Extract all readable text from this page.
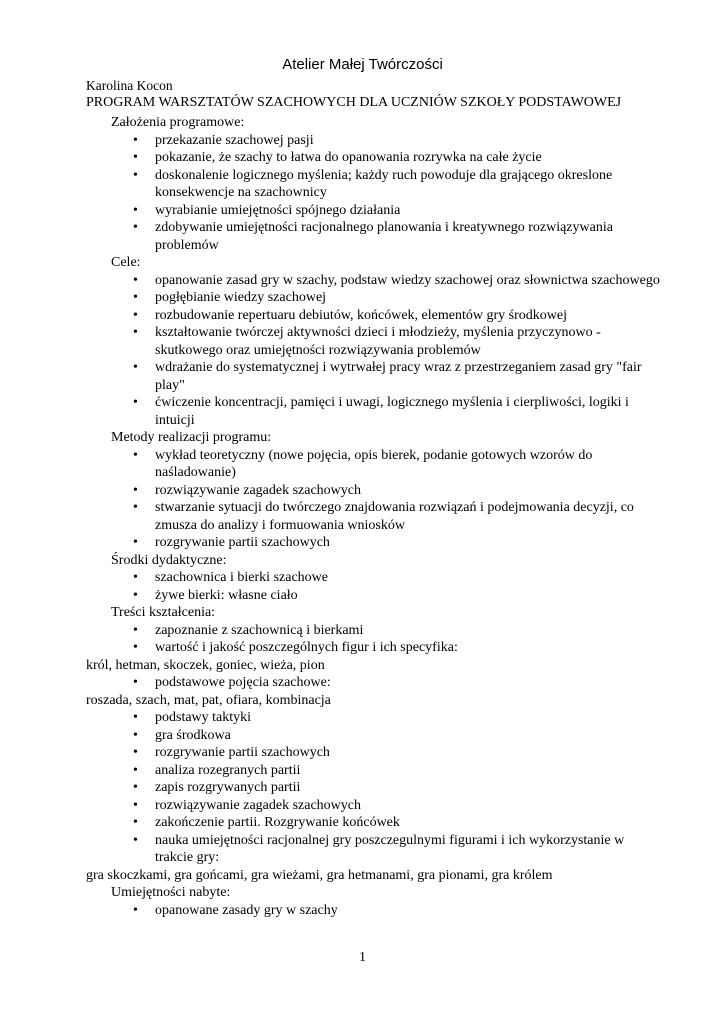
Atelier Małej Twórczości
Karolina Kocon
PROGRAM WARSZTATÓW SZACHOWYCH DLA UCZNIÓW SZKOŁY PODSTAWOWEJ
Założenia programowe:
• przekazanie szachowej pasji
• pokazanie, że szachy to łatwa do opanowania rozrywka na całe życie
• doskonalenie logicznego myślenia; każdy ruch powoduje dla grającego okreslone konsekwencje na szachownicy
• wyrabianie umiejętności spójnego działania
• zdobywanie umiejętności racjonalnego planowania i kreatywnego rozwiązywania problemów
Cele:
• opanowanie zasad gry w szachy, podstaw wiedzy szachowej oraz słownictwa szachowego
• pogłębianie wiedzy szachowej
• rozbudowanie repertuaru debiutów, końcówek, elementów gry środkowej
• kształtowanie twórczej aktywności dzieci i młodzieży, myślenia przyczynowo - skutkowego oraz umiejętności rozwiązywania problemów
• wdrażanie do systematycznej i wytrwałej pracy wraz z przestrzeganiem zasad gry "fair play"
• ćwiczenie koncentracji, pamięci i uwagi, logicznego myślenia i cierpliwości, logiki i intuicji
Metody realizacji programu:
• wykład teoretyczny (nowe pojęcia, opis bierek, podanie gotowych wzorów do naśladowanie)
• rozwiązywanie zagadek szachowych
• stwarzanie sytuacji do twórczego znajdowania rozwiązań i podejmowania decyzji, co zmusza do analizy i formuowania wniosków
• rozgrywanie partii szachowych
Środki dydaktyczne:
• szachownica i bierki szachowe
• żywe bierki: własne ciało
Treści kształcenia:
• zapoznanie z szachownicą i bierkami
• wartość i jakość poszczególnych figur i ich specyfika:
król, hetman, skoczek, goniec, wieża, pion
• podstawowe pojęcia szachowe:
roszada, szach, mat, pat, ofiara, kombinacja
• podstawy taktyki
• gra środkowa
• rozgrywanie partii szachowych
• analiza rozegranych partii
• zapis rozgrywanych partii
• rozwiązywanie zagadek szachowych
• zakończenie partii. Rozgrywanie końcówek
• nauka umiejętności racjonalnej gry poszczegulnymi figurami i ich wykorzystanie w trakcie gry:
gra skoczkami, gra gońcami, gra wieżami, gra hetmanami, gra pionami, gra królem
Umiejętności nabyte:
• opanowane zasady gry w szachy
1
